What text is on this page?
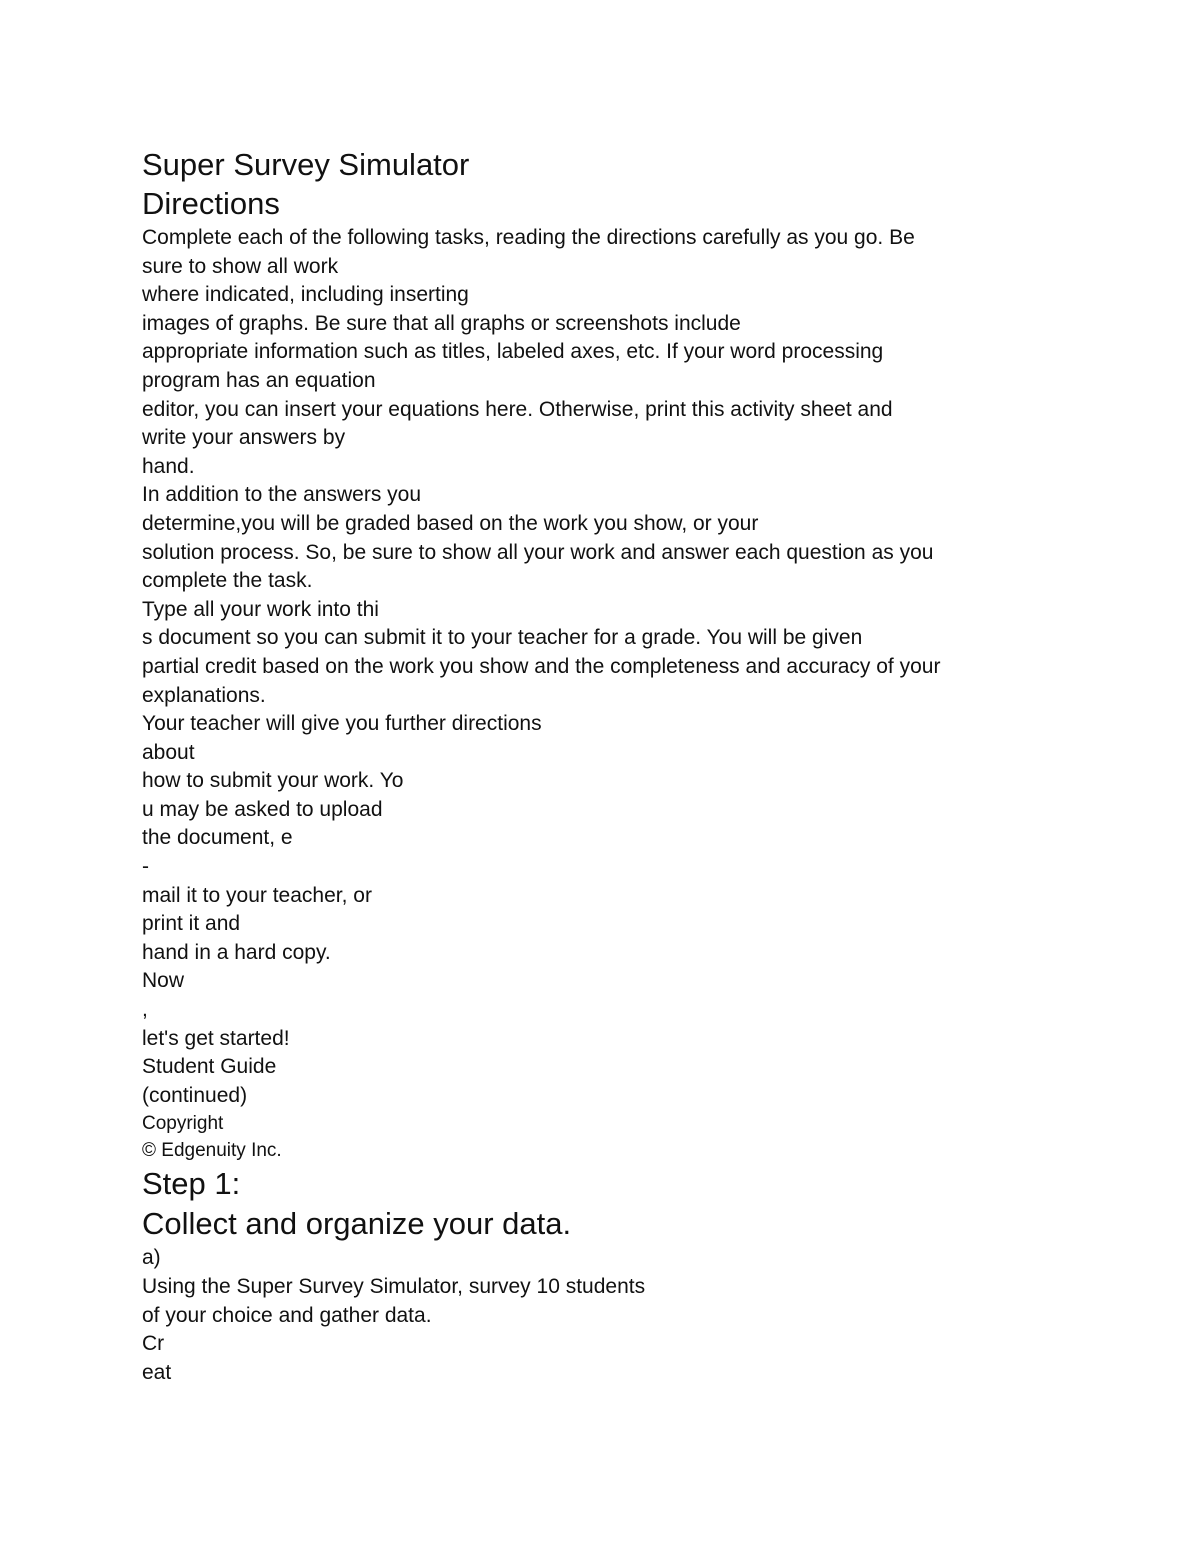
Super Survey Simulator
Directions

Complete each of the following tasks, reading the directions carefully as you go. Be
sure to show all work

where indicated, including inserting

images of graphs. Be sure that all graphs or screenshots include

appropriate information such as titles, labeled axes, etc. If your word processing
program has an equation

editor, you can insert your equations here. Otherwise, print this activity sheet and
write your answers by

hand.

In addition to the answers you

determine,you will be graded based on the work you show, or your

solution process. So, be sure to show all your work and answer each question as you
complete the task.

Type all your work into thi

s document so you can submit it to your teacher for a grade. You will be given

partial credit based on the work you show and the completeness and accuracy of your
explanations.

Your teacher will give you further directions

about

how to submit your work. Yo

u may be asked to upload

the document, e

-

mail it to your teacher, or

print it and

hand in a hard copy.

Now

,

let's get started!

Student Guide

(continued)

Copyright

© Edgenuity Inc.

Step 1:
Collect and organize your data.

a)

Using the Super Survey Simulator, survey 10 students

of your choice and gather data.

Cr

eat
